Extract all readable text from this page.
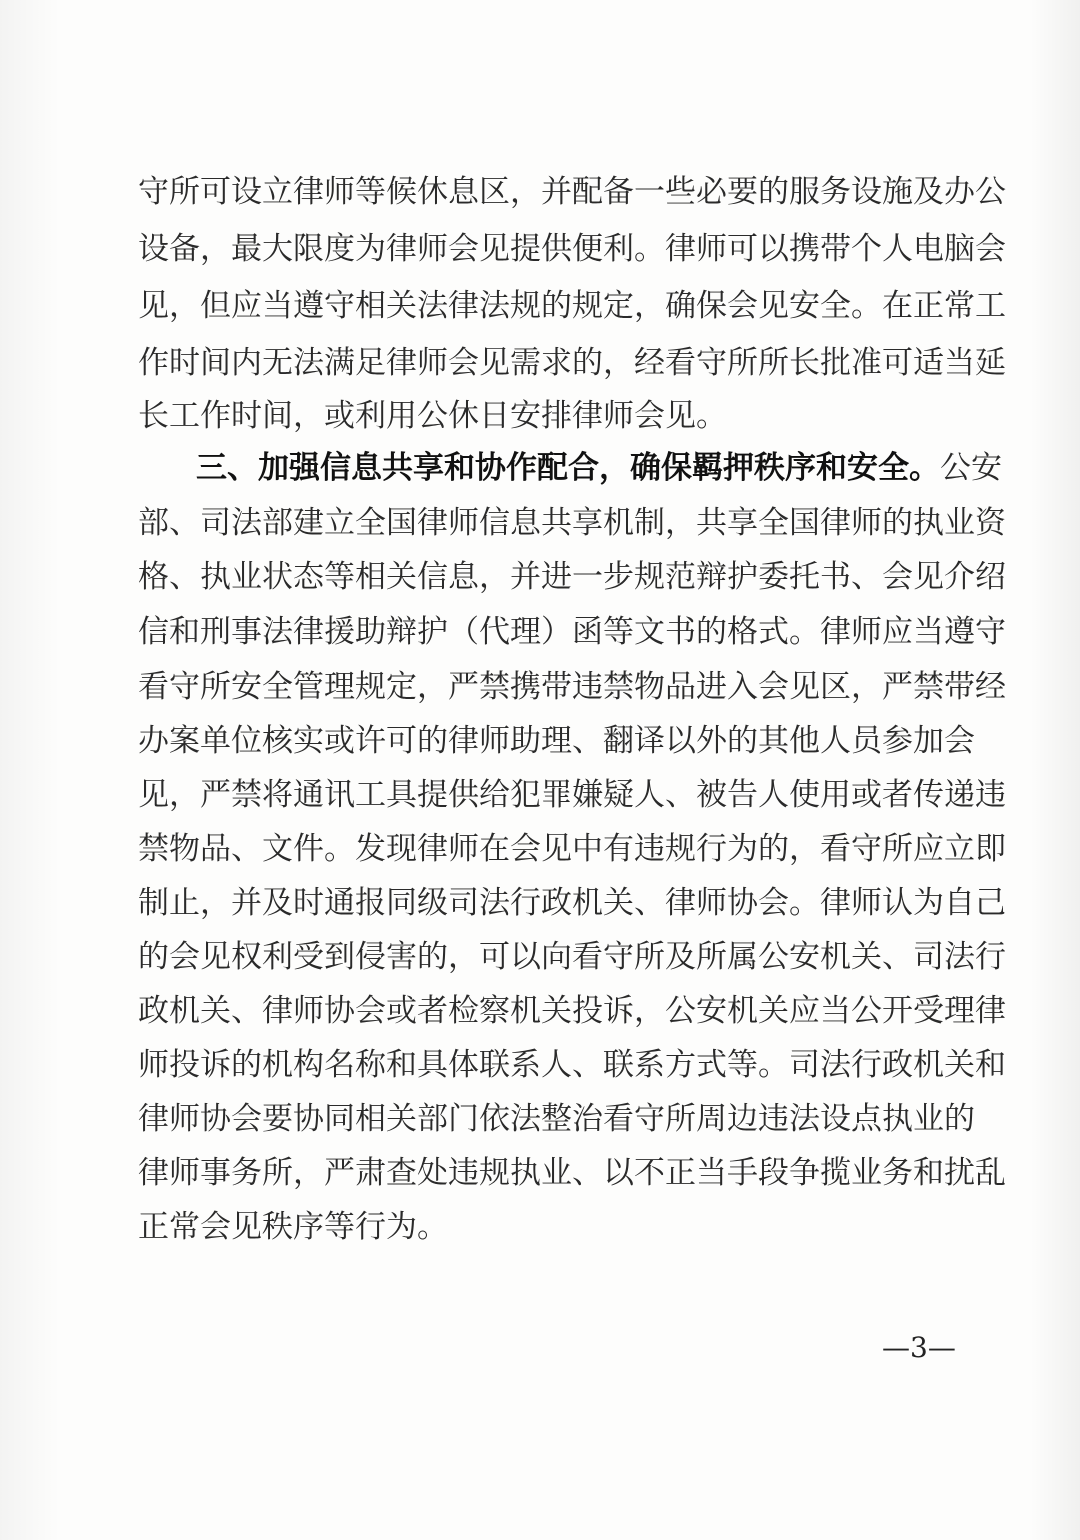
守所可设立律师等候休息区，并配备一些必要的服务设施及办公
设备，最大限度为律师会见提供便利。律师可以携带个人电脑会
见，但应当遵守相关法律法规的规定，确保会见安全。在正常工
作时间内无法满足律师会见需求的，经看守所所长批准可适当延
长工作时间，或利用公休日安排律师会见。
三、加强信息共享和协作配合，确保羁押秩序和安全。公安
部、司法部建立全国律师信息共享机制，共享全国律师的执业资
格、执业状态等相关信息，并进一步规范辩护委托书、会见介绍
信和刑事法律援助辩护（代理）函等文书的格式。律师应当遵守
看守所安全管理规定，严禁携带违禁物品进入会见区，严禁带经
办案单位核实或许可的律师助理、翻译以外的其他人员参加会
见，严禁将通讯工具提供给犯罪嫌疑人、被告人使用或者传递违
禁物品、文件。发现律师在会见中有违规行为的，看守所应立即
制止，并及时通报同级司法行政机关、律师协会。律师认为自己
的会见权利受到侵害的，可以向看守所及所属公安机关、司法行
政机关、律师协会或者检察机关投诉，公安机关应当公开受理律
师投诉的机构名称和具体联系人、联系方式等。司法行政机关和
律师协会要协同相关部门依法整治看守所周边违法设点执业的
律师事务所，严肃查处违规执业、以不正当手段争揽业务和扰乱
正常会见秩序等行为。
—3—
